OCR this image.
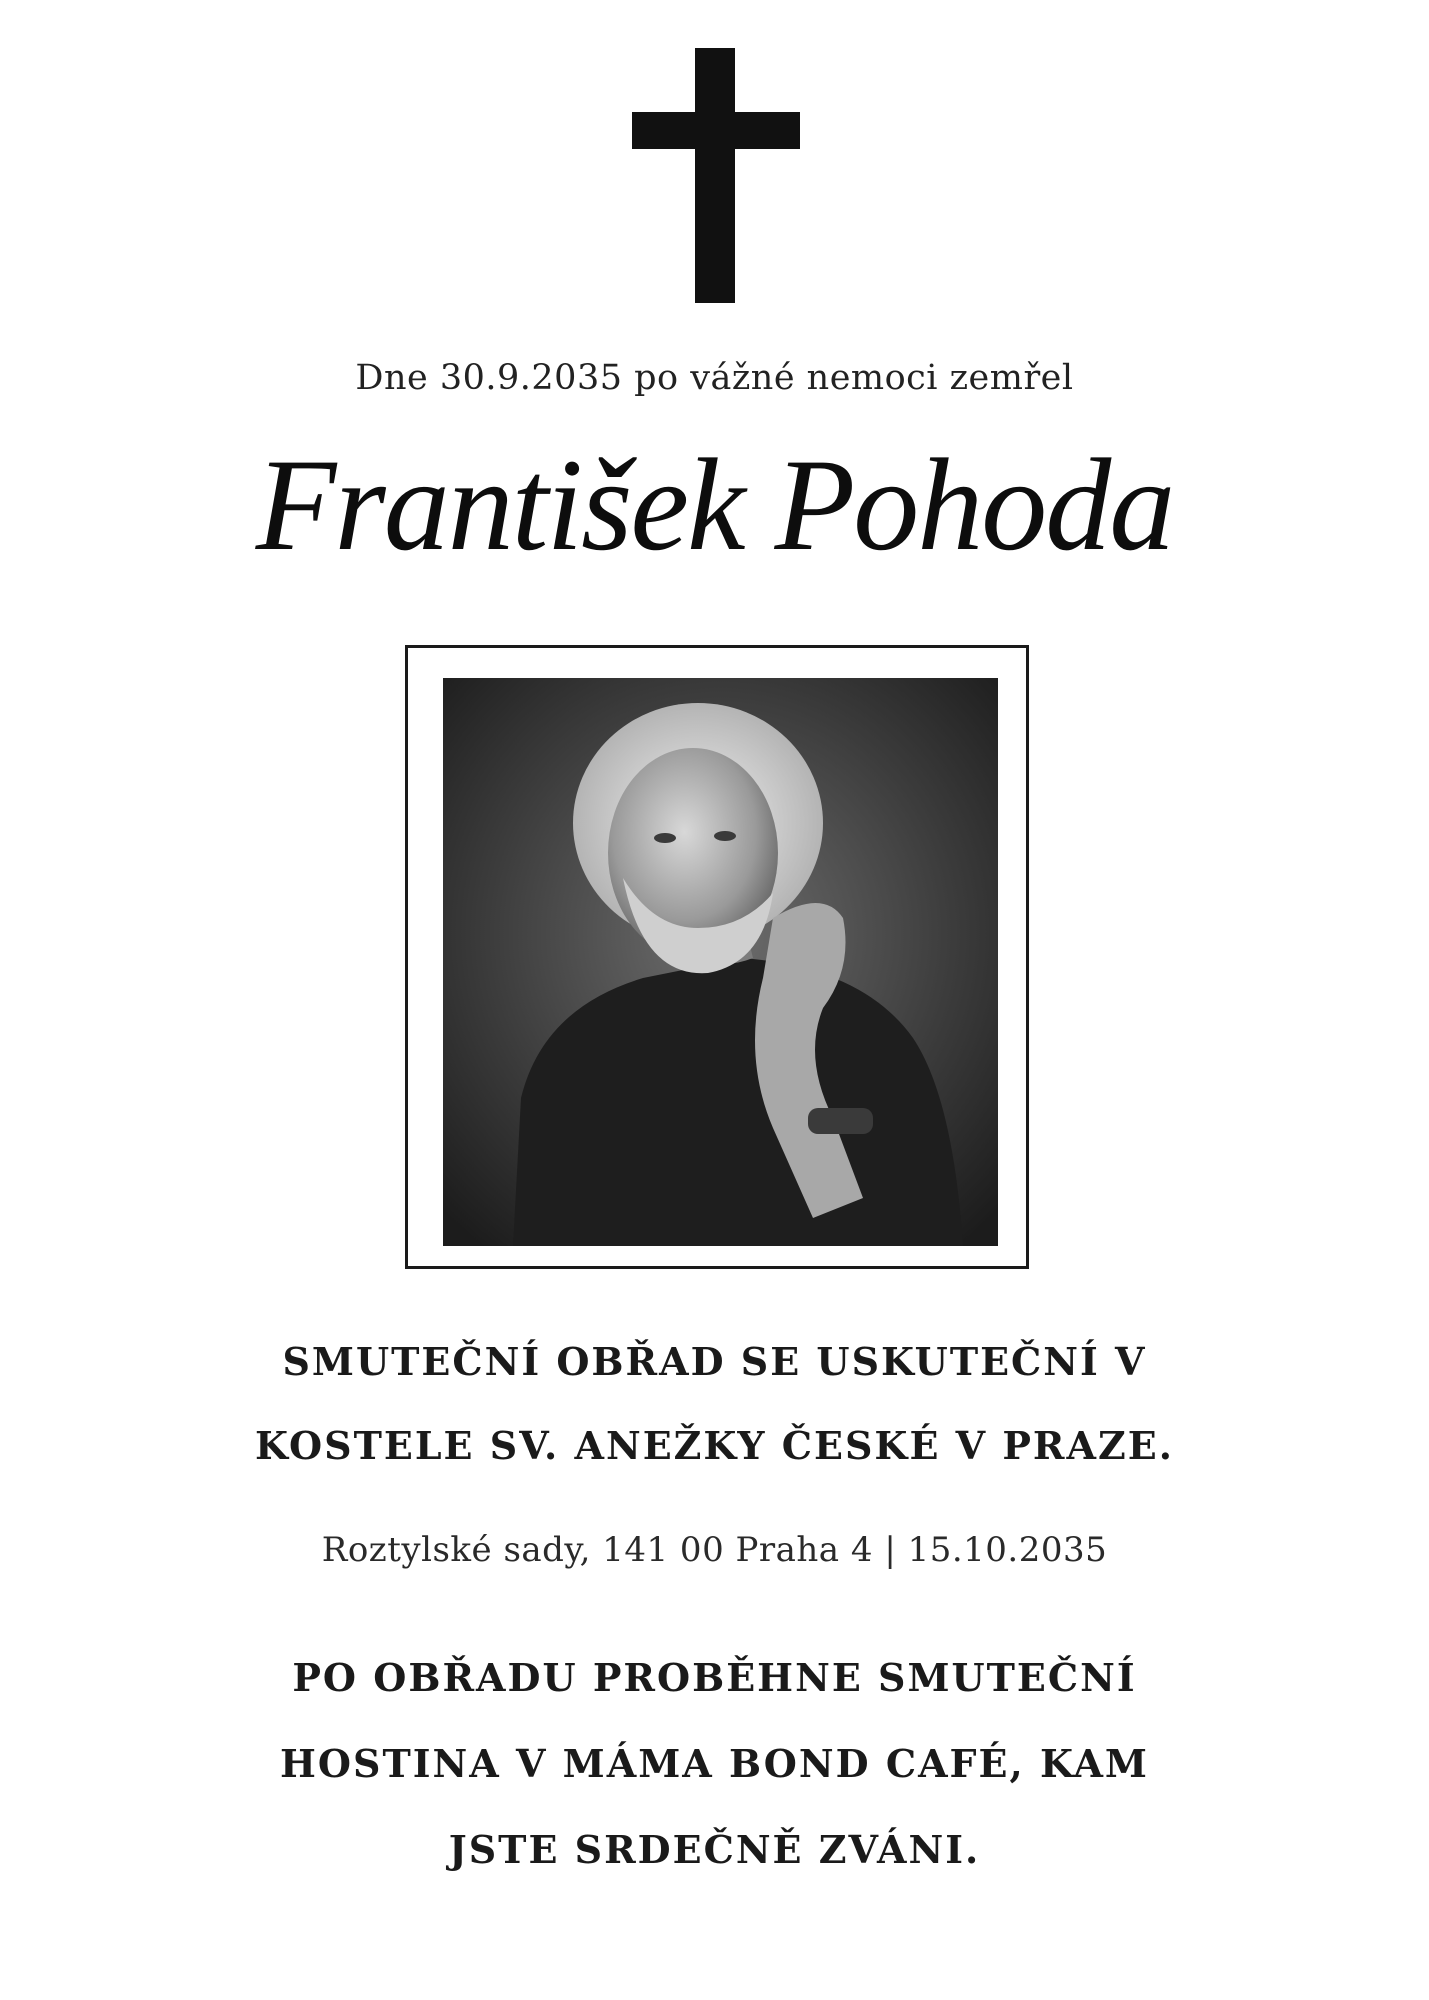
Dne 30.9.2035 po vážné nemoci zemřel
František Pohoda
SMUTEČNÍ OBŘAD SE USKUTEČNÍ V
KOSTELE SV. ANEŽKY ČESKÉ V PRAZE.
Roztylské sady, 141 00 Praha 4 | 15.10.2035
PO OBŘADU PROBĚHNE SMUTEČNÍ
HOSTINA V MÁMA BOND CAFÉ, KAM
JSTE SRDEČNĚ ZVÁNI.
